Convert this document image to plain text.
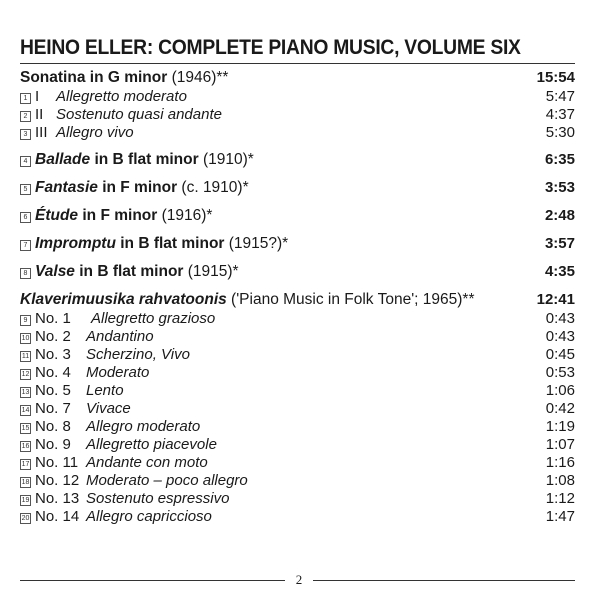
HEINO ELLER: COMPLETE PIANO MUSIC, VOLUME SIX
Sonatina in G minor (1946)**	15:54
1 I Allegretto moderato	5:47
2 II Sostenuto quasi andante	4:37
3 III Allegro vivo	5:30
4 Ballade in B flat minor (1910)*	6:35
5 Fantasie in F minor (c. 1910)*	3:53
6 Étude in F minor (1916)*	2:48
7 Impromptu in B flat minor (1915?)*	3:57
8 Valse in B flat minor (1915)*	4:35
Klaverimuusika rahvatoonis ('Piano Music in Folk Tone'; 1965)**	12:41
9 No. 1 Allegretto grazioso	0:43
10 No. 2 Andantino	0:43
11 No. 3 Scherzino, Vivo	0:45
12 No. 4 Moderato	0:53
13 No. 5 Lento	1:06
14 No. 7 Vivace	0:42
15 No. 8 Allegro moderato	1:19
16 No. 9 Allegretto piacevole	1:07
17 No. 11 Andante con moto	1:16
18 No. 12 Moderato – poco allegro	1:08
19 No. 13 Sostenuto espressivo	1:12
20 No. 14 Allegro capriccioso	1:47
2
